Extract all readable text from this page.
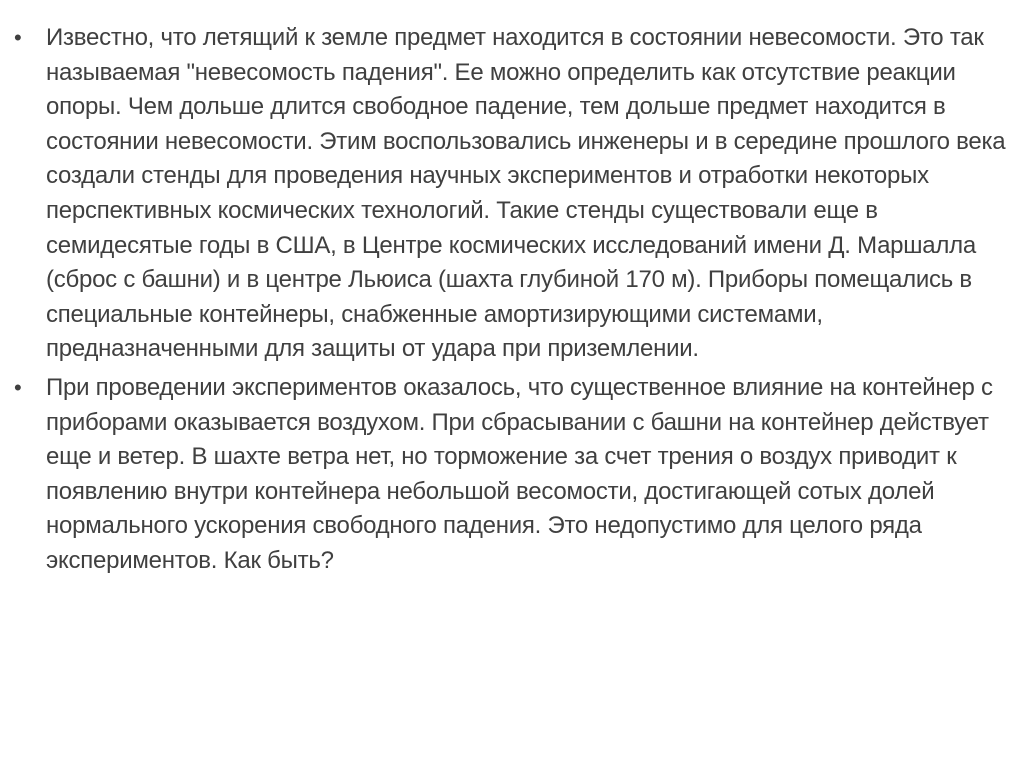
•	Известно, что летящий к земле предмет находится в состоянии невесомости. Это так называемая "невесомость падения". Ее можно определить как отсутствие реакции опоры. Чем дольше длится свободное падение, тем дольше предмет находится в состоянии невесомости. Этим воспользовались инженеры и в середине прошлого века создали стенды для проведения научных экспериментов и отработки некоторых перспективных космических технологий. Такие стенды существовали еще в семидесятые годы в США, в Центре космических исследований имени Д. Маршалла (сброс с башни) и в центре Льюиса (шахта глубиной 170 м). Приборы помещались в специальные контейнеры, снабженные амортизирующими системами, предназначенными для защиты от удара при приземлении.
•	При проведении экспериментов оказалось, что существенное влияние на контейнер с приборами оказывается воздухом. При сбрасывании с башни на контейнер действует еще и ветер. В шахте ветра нет, но торможение за счет трения о воздух приводит к появлению внутри контейнера небольшой весомости, достигающей сотых долей нормального ускорения свободного падения. Это недопустимо для целого ряда экспериментов. Как быть?
